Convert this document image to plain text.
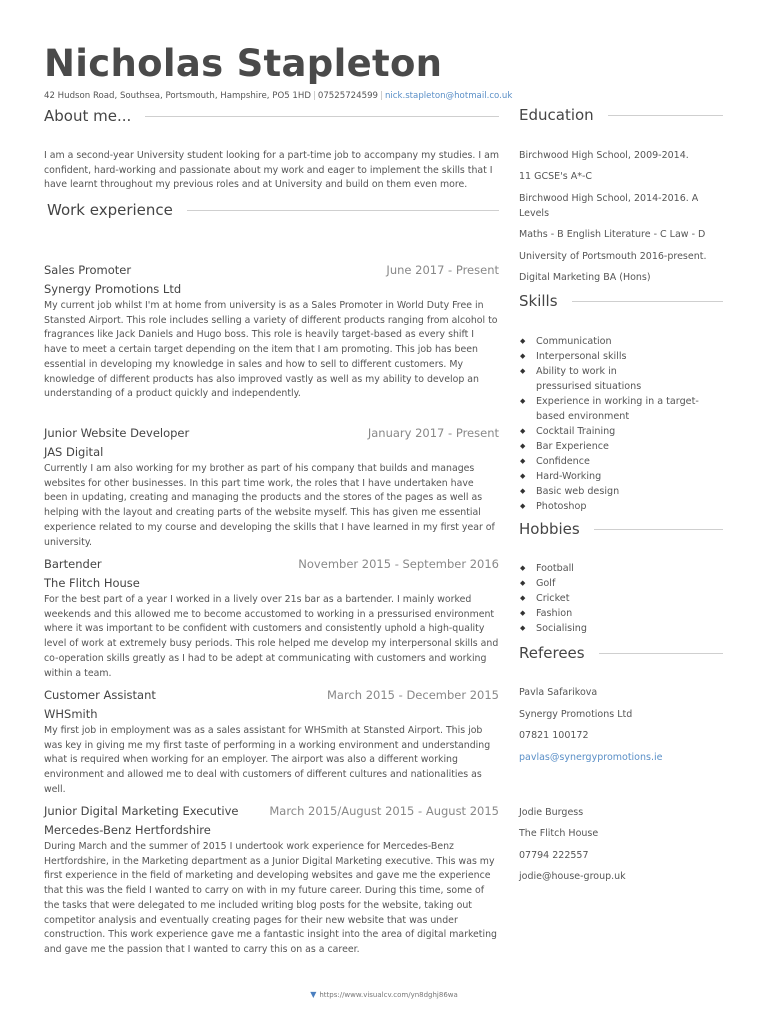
Nicholas Stapleton
42 Hudson Road, Southsea, Portsmouth, Hampshire, PO5 1HD | 07525724599 | nick.stapleton@hotmail.co.uk
About me...

I am a second-year University student looking for a part-time job to accompany my studies. I am confident, hard-working and passionate about my work and eager to implement the skills that I have learnt throughout my previous roles and at University and build on them even more.

Work experience
Sales Promoter	June 2017 - Present
Synergy Promotions Ltd
My current job whilst I'm at home from university is as a Sales Promoter in World Duty Free in Stansted Airport. This role includes selling a variety of different products ranging from alcohol to fragrances like Jack Daniels and Hugo boss. This role is heavily target-based as every shift I have to meet a certain target depending on the item that I am promoting. This job has been essential in developing my knowledge in sales and how to sell to different customers. My knowledge of different products has also improved vastly as well as my ability to develop an understanding of a product quickly and independently.
Junior Website Developer	January 2017 - Present
JAS Digital
Currently I am also working for my brother as part of his company that builds and manages websites for other businesses. In this part time work, the roles that I have undertaken have been in updating, creating and managing the products and the stores of the pages as well as helping with the layout and creating parts of the website myself. This has given me essential experience related to my course and developing the skills that I have learned in my first year of university.
Bartender	November 2015 - September 2016
The Flitch House
For the best part of a year I worked in a lively over 21s bar as a bartender. I mainly worked weekends and this allowed me to become accustomed to working in a pressurised environment where it was important to be confident with customers and consistently uphold a high-quality level of work at extremely busy periods. This role helped me develop my interpersonal skills and co-operation skills greatly as I had to be adept at communicating with customers and working within a team.
Customer Assistant	March 2015 - December 2015
WHSmith
My first job in employment was as a sales assistant for WHSmith at Stansted Airport. This job was key in giving me my first taste of performing in a working environment and understanding what is required when working for an employer. The airport was also a different working environment and allowed me to deal with customers of different cultures and nationalities as well.
Junior Digital Marketing Executive	March 2015/August 2015 - August 2015
Mercedes-Benz Hertfordshire
During March and the summer of 2015 I undertook work experience for Mercedes-Benz Hertfordshire, in the Marketing department as a Junior Digital Marketing executive. This was my first experience in the field of marketing and developing websites and gave me the experience that this was the field I wanted to carry on with in my future career. During this time, some of the tasks that were delegated to me included writing blog posts for the website, taking out competitor analysis and eventually creating pages for their new website that was under construction. This work experience gave me a fantastic insight into the area of digital marketing and gave me the passion that I wanted to carry this on as a career.
Education
Birchwood High School, 2009-2014.
11 GCSE's A*-C
Birchwood High School, 2014-2016. A Levels
Maths - B English Literature - C Law - D
University of Portsmouth 2016-present.
Digital Marketing BA (Hons)
Skills
◆ Communication
◆ Interpersonal skills
◆ Ability to work in pressurised situations
◆ Experience in working in a target-based environment
◆ Cocktail Training
◆ Bar Experience
◆ Confidence
◆ Hard-Working
◆ Basic web design
◆ Photoshop
Hobbies
◆ Football
◆ Golf
◆ Cricket
◆ Fashion
◆ Socialising
Referees
Pavla Safarikova
Synergy Promotions Ltd
07821 100172
pavlas@synergypromotions.ie
Jodie Burgess
The Flitch House
07794 222557
jodie@house-group.uk
▼ https://www.visualcv.com/yn8dghj86wa
